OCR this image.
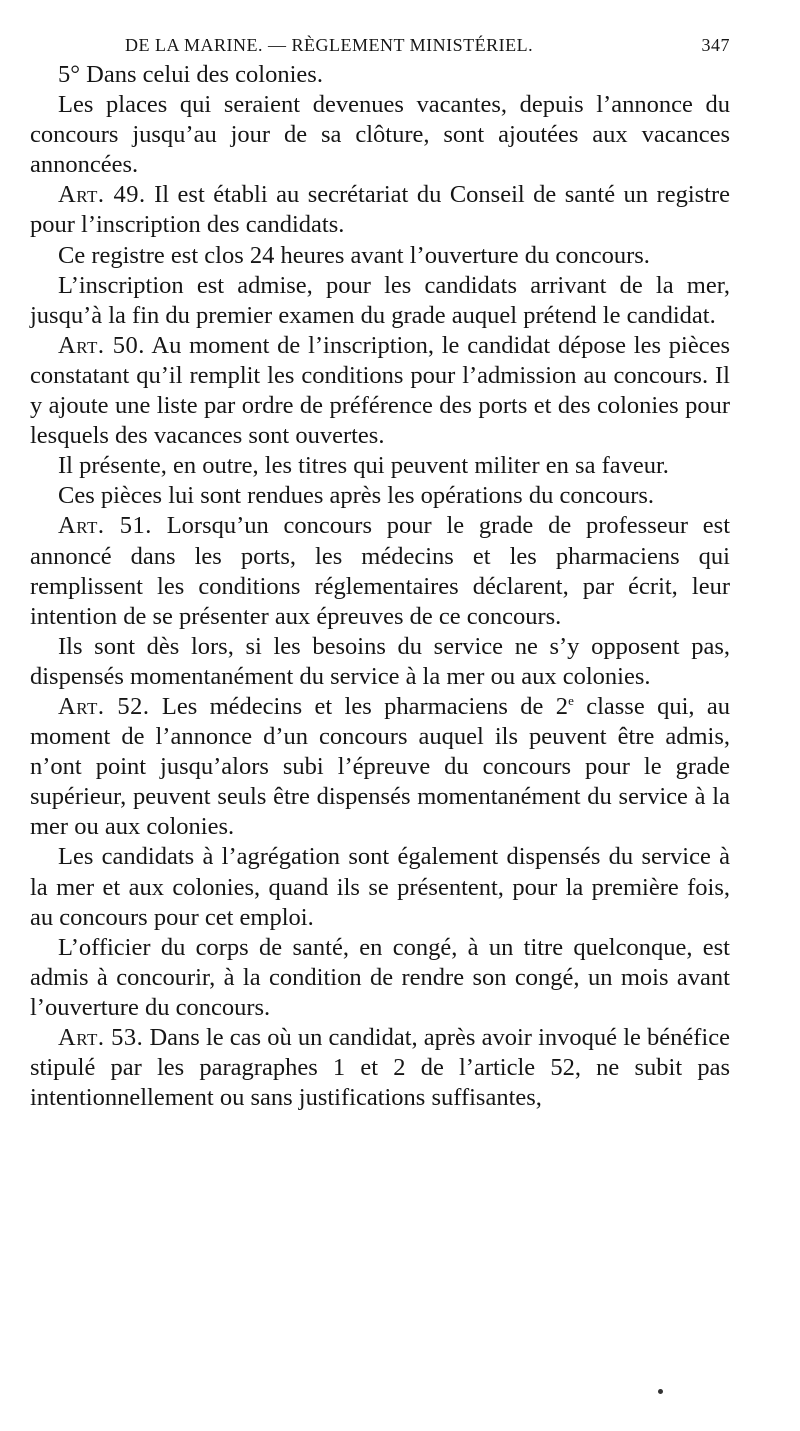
DE LA MARINE. — RÈGLEMENT MINISTÉRIEL.	347

5° Dans celui des colonies.

Les places qui seraient devenues vacantes, depuis l’annonce du concours jusqu’au jour de sa clôture, sont ajoutées aux vacances annoncées.

Art. 49. Il est établi au secrétariat du Conseil de santé un registre pour l’inscription des candidats.

Ce registre est clos 24 heures avant l’ouverture du concours.

L’inscription est admise, pour les candidats arrivant de la mer, jusqu’à la fin du premier examen du grade auquel prétend le candidat.

Art. 50. Au moment de l’inscription, le candidat dépose les pièces constatant qu’il remplit les conditions pour l’admission au concours. Il y ajoute une liste par ordre de préférence des ports et des colonies pour lesquels des vacances sont ouvertes.

Il présente, en outre, les titres qui peuvent militer en sa faveur.

Ces pièces lui sont rendues après les opérations du concours.

Art. 51. Lorsqu’un concours pour le grade de professeur est annoncé dans les ports, les médecins et les pharmaciens qui remplissent les conditions réglementaires déclarent, par écrit, leur intention de se présenter aux épreuves de ce concours.

Ils sont dès lors, si les besoins du service ne s’y opposent pas, dispensés momentanément du service à la mer ou aux colonies.

Art. 52. Les médecins et les pharmaciens de 2e classe qui, au moment de l’annonce d’un concours auquel ils peuvent être admis, n’ont point jusqu’alors subi l’épreuve du concours pour le grade supérieur, peuvent seuls être dispensés momentanément du service à la mer ou aux colonies.

Les candidats à l’agrégation sont également dispensés du service à la mer et aux colonies, quand ils se présentent, pour la première fois, au concours pour cet emploi.

L’officier du corps de santé, en congé, à un titre quelconque, est admis à concourir, à la condition de rendre son congé, un mois avant l’ouverture du concours.

Art. 53. Dans le cas où un candidat, après avoir invoqué le bénéfice stipulé par les paragraphes 1 et 2 de l’article 52, ne subit pas intentionnellement ou sans justifications suffisantes,
